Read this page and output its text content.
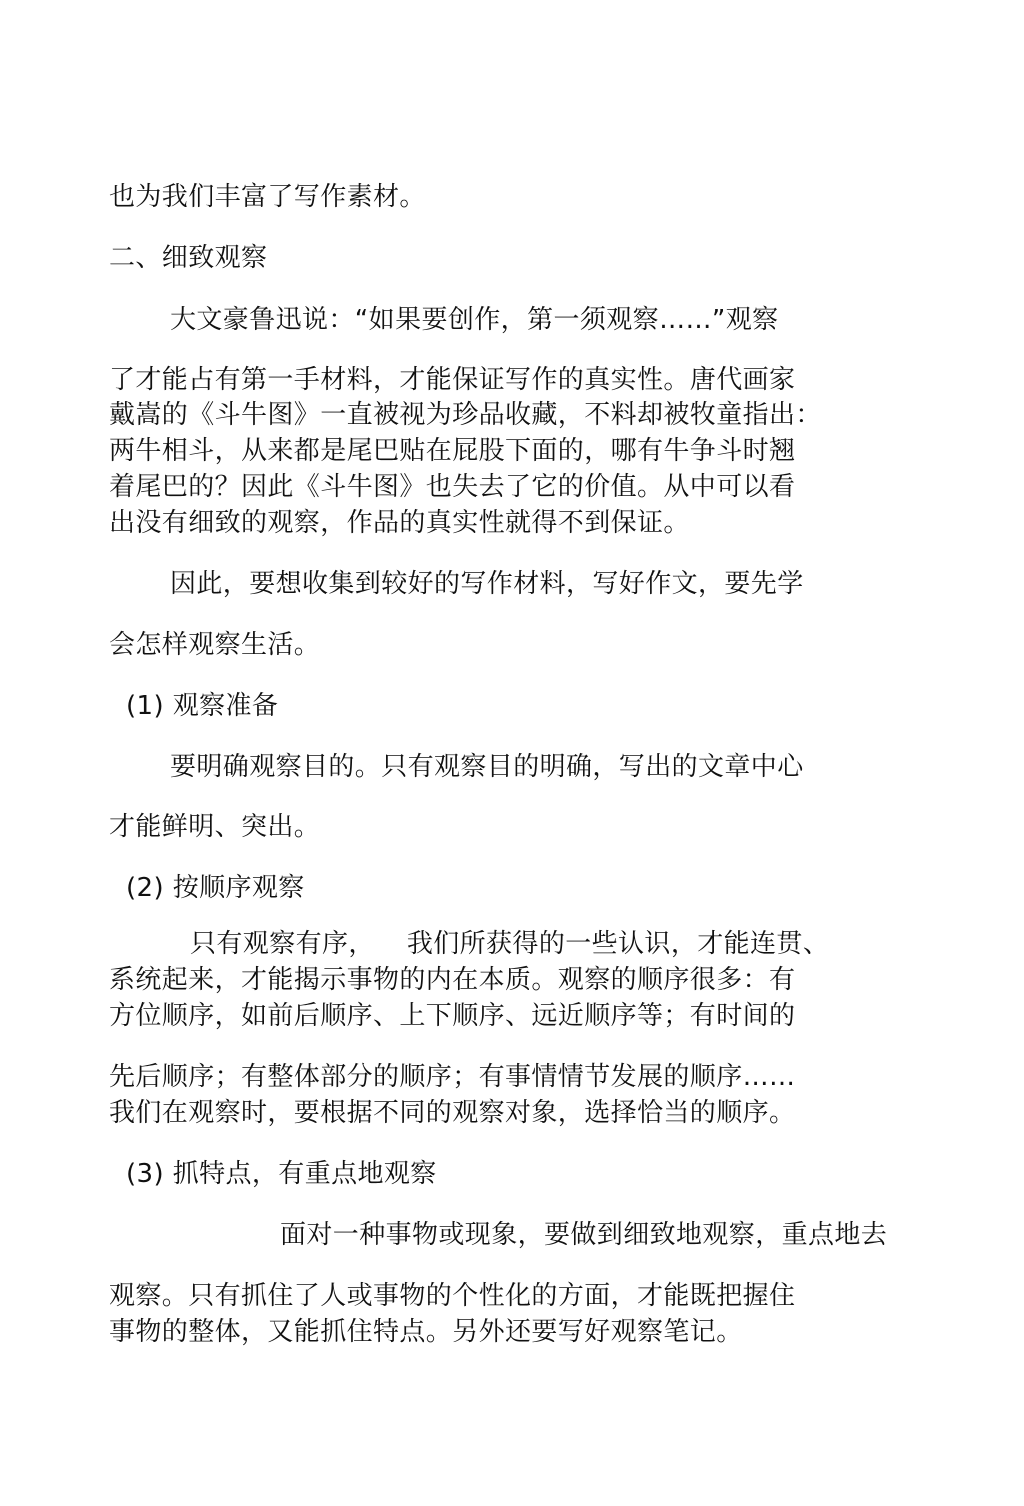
也为我们丰富了写作素材。
二、细致观察
大文豪鲁迅说：“如果要创作，第一须观察……”观察
了才能占有第一手材料，才能保证写作的真实性。唐代画家
戴嵩的《斗牛图》一直被视为珍品收藏，不料却被牧童指出：
两牛相斗，从来都是尾巴贴在屁股下面的，哪有牛争斗时翘
着尾巴的？因此《斗牛图》也失去了它的价值。从中可以看
出没有细致的观察，作品的真实性就得不到保证。
因此，要想收集到较好的写作材料，写好作文，要先学
会怎样观察生活。
(1) 观察准备
要明确观察目的。只有观察目的明确，写出的文章中心
才能鲜明、突出。
(2) 按顺序观察
只有观察有序， 我们所获得的一些认识，才能连贯、
系统起来，才能揭示事物的内在本质。观察的顺序很多：有
方位顺序，如前后顺序、上下顺序、远近顺序等；有时间的
先后顺序；有整体部分的顺序；有事情情节发展的顺序……
我们在观察时，要根据不同的观察对象，选择恰当的顺序。
(3) 抓特点，有重点地观察
面对一种事物或现象，要做到细致地观察，重点地去
观察。只有抓住了人或事物的个性化的方面，才能既把握住
事物的整体，又能抓住特点。另外还要写好观察笔记。
